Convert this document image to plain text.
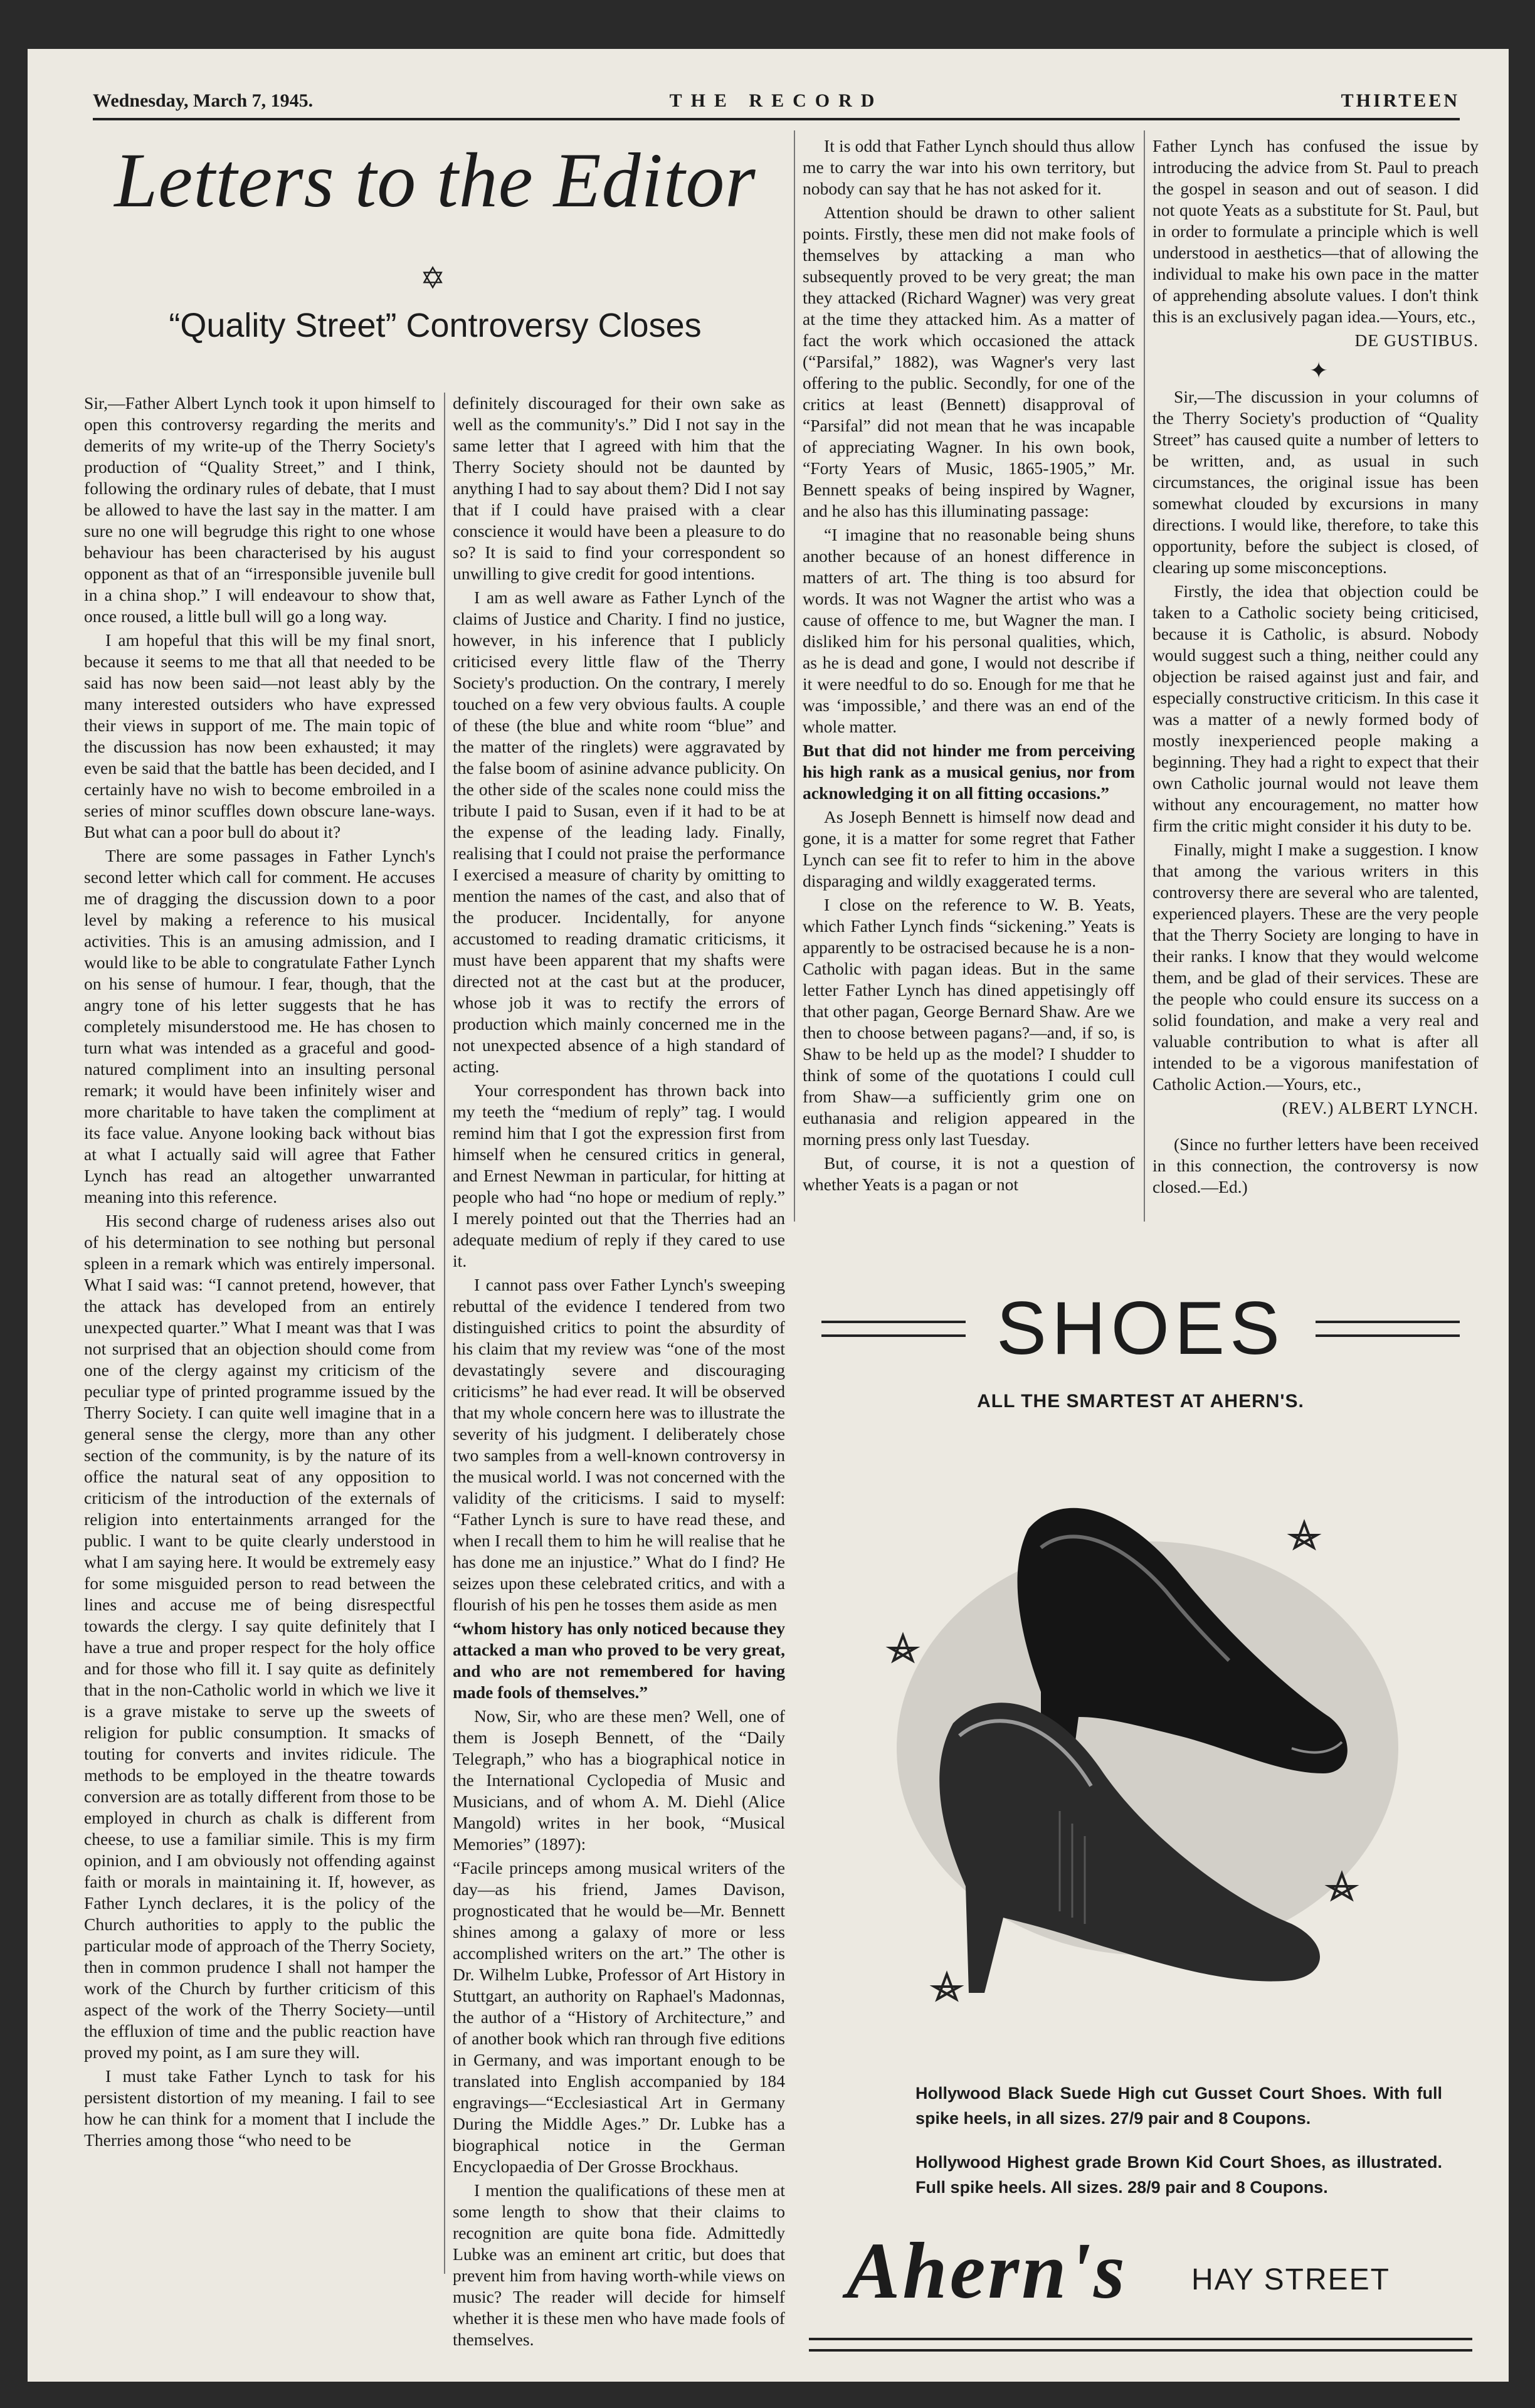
Wednesday, March 7, 1945.	THE RECORD	THIRTEEN
Letters to the Editor
✡
“Quality Street” Controversy Closes

Sir,—Father Albert Lynch took it upon himself to open this controversy regarding the merits and demerits of my write-up of the Therry Society's production of “Quality Street,” and I think, following the ordinary rules of debate, that I must be allowed to have the last say in the matter. I am sure no one will begrudge this right to one whose behaviour has been characterised by his august opponent as that of an “irresponsible juvenile bull in a china shop.” I will endeavour to show that, once roused, a little bull will go a long way.

I am hopeful that this will be my final snort, because it seems to me that all that needed to be said has now been said—not least ably by the many interested outsiders who have expressed their views in support of me. The main topic of the discussion has now been exhausted; it may even be said that the battle has been decided, and I certainly have no wish to become embroiled in a series of minor scuffles down obscure lane-ways. But what can a poor bull do about it?

There are some passages in Father Lynch's second letter which call for comment. He accuses me of dragging the discussion down to a poor level by making a reference to his musical activities. This is an amusing admission, and I would like to be able to congratulate Father Lynch on his sense of humour. I fear, though, that the angry tone of his letter suggests that he has completely misunderstood me. He has chosen to turn what was intended as a graceful and good-natured compliment into an insulting personal remark; it would have been infinitely wiser and more charitable to have taken the compliment at its face value. Anyone looking back without bias at what I actually said will agree that Father Lynch has read an altogether unwarranted meaning into this reference.

His second charge of rudeness arises also out of his determination to see nothing but personal spleen in a remark which was entirely impersonal. What I said was: “I cannot pretend, however, that the attack has developed from an entirely unexpected quarter.” What I meant was that I was not surprised that an objection should come from one of the clergy against my criticism of the peculiar type of printed programme issued by the Therry Society. I can quite well imagine that in a general sense the clergy, more than any other section of the community, is by the nature of its office the natural seat of any opposition to criticism of the introduction of the externals of religion into entertainments arranged for the public. I want to be quite clearly understood in what I am saying here. It would be extremely easy for some misguided person to read between the lines and accuse me of being disrespectful towards the clergy. I say quite definitely that I have a true and proper respect for the holy office and for those who fill it. I say quite as definitely that in the non-Catholic world in which we live it is a grave mistake to serve up the sweets of religion for public consumption. It smacks of touting for converts and invites ridicule. The methods to be employed in the theatre towards conversion are as totally different from those to be employed in church as chalk is different from cheese, to use a familiar simile. This is my firm opinion, and I am obviously not offending against faith or morals in maintaining it. If, however, as Father Lynch declares, it is the policy of the Church authorities to apply to the public the particular mode of approach of the Therry Society, then in common prudence I shall not hamper the work of the Church by further criticism of this aspect of the work of the Therry Society—until the effluxion of time and the public reaction have proved my point, as I am sure they will.

I must take Father Lynch to task for his persistent distortion of my meaning. I fail to see how he can think for a moment that I include the Therries among those “who need to be

definitely discouraged for their own sake as well as the community's.” Did I not say in the same letter that I agreed with him that the Therry Society should not be daunted by anything I had to say about them? Did I not say that if I could have praised with a clear conscience it would have been a pleasure to do so? It is said to find your correspondent so unwilling to give credit for good intentions.

I am as well aware as Father Lynch of the claims of Justice and Charity. I find no justice, however, in his inference that I publicly criticised every little flaw of the Therry Society's production. On the contrary, I merely touched on a few very obvious faults. A couple of these (the blue and white room “blue” and the matter of the ringlets) were aggravated by the false boom of asinine advance publicity. On the other side of the scales none could miss the tribute I paid to Susan, even if it had to be at the expense of the leading lady. Finally, realising that I could not praise the performance I exercised a measure of charity by omitting to mention the names of the cast, and also that of the producer. Incidentally, for anyone accustomed to reading dramatic criticisms, it must have been apparent that my shafts were directed not at the cast but at the producer, whose job it was to rectify the errors of production which mainly concerned me in the not unexpected absence of a high standard of acting.

Your correspondent has thrown back into my teeth the “medium of reply” tag. I would remind him that I got the expression first from himself when he censured critics in general, and Ernest Newman in particular, for hitting at people who had “no hope or medium of reply.” I merely pointed out that the Therries had an adequate medium of reply if they cared to use it.

I cannot pass over Father Lynch's sweeping rebuttal of the evidence I tendered from two distinguished critics to point the absurdity of his claim that my review was “one of the most devastatingly severe and discouraging criticisms” he had ever read. It will be observed that my whole concern here was to illustrate the severity of his judgment. I deliberately chose two samples from a well-known controversy in the musical world. I was not concerned with the validity of the criticisms. I said to myself: “Father Lynch is sure to have read these, and when I recall them to him he will realise that he has done me an injustice.” What do I find? He seizes upon these celebrated critics, and with a flourish of his pen he tosses them aside as men

“whom history has only noticed because they attacked a man who proved to be very great, and who are not remembered for having made fools of themselves.”

Now, Sir, who are these men? Well, one of them is Joseph Bennett, of the “Daily Telegraph,” who has a biographical notice in the International Cyclopedia of Music and Musicians, and of whom A. M. Diehl (Alice Mangold) writes in her book, “Musical Memories” (1897):

“Facile princeps among musical writers of the day—as his friend, James Davison, prognosticated that he would be—Mr. Bennett shines among a galaxy of more or less accomplished writers on the art.” The other is Dr. Wilhelm Lubke, Professor of Art History in Stuttgart, an authority on Raphael's Madonnas, the author of a “History of Architecture,” and of another book which ran through five editions in Germany, and was important enough to be translated into English accompanied by 184 engravings—“Ecclesiastical Art in Germany During the Middle Ages.” Dr. Lubke has a biographical notice in the German Encyclopaedia of Der Grosse Brockhaus.

I mention the qualifications of these men at some length to show that their claims to recognition are quite bona fide. Admittedly Lubke was an eminent art critic, but does that prevent him from having worth-while views on music? The reader will decide for himself whether it is these men who have made fools of themselves.

It is odd that Father Lynch should thus allow me to carry the war into his own territory, but nobody can say that he has not asked for it.

Attention should be drawn to other salient points. Firstly, these men did not make fools of themselves by attacking a man who subsequently proved to be very great; the man they attacked (Richard Wagner) was very great at the time they attacked him. As a matter of fact the work which occasioned the attack (“Parsifal,” 1882), was Wagner's very last offering to the public. Secondly, for one of the critics at least (Bennett) disapproval of “Parsifal” did not mean that he was incapable of appreciating Wagner. In his own book, “Forty Years of Music, 1865-1905,” Mr. Bennett speaks of being inspired by Wagner, and he also has this illuminating passage:

“I imagine that no reasonable being shuns another because of an honest difference in matters of art. The thing is too absurd for words. It was not Wagner the artist who was a cause of offence to me, but Wagner the man. I disliked him for his personal qualities, which, as he is dead and gone, I would not describe if it were needful to do so. Enough for me that he was ‘impossible,’ and there was an end of the whole matter.

But that did not hinder me from perceiving his high rank as a musical genius, nor from acknowledging it on all fitting occasions.”

As Joseph Bennett is himself now dead and gone, it is a matter for some regret that Father Lynch can see fit to refer to him in the above disparaging and wildly exaggerated terms.

I close on the reference to W. B. Yeats, which Father Lynch finds “sickening.” Yeats is apparently to be ostracised because he is a non-Catholic with pagan ideas. But in the same letter Father Lynch has dined appetisingly off that other pagan, George Bernard Shaw. Are we then to choose between pagans?—and, if so, is Shaw to be held up as the model? I shudder to think of some of the quotations I could cull from Shaw—a sufficiently grim one on euthanasia and religion appeared in the morning press only last Tuesday.

But, of course, it is not a question of whether Yeats is a pagan or not

Father Lynch has confused the issue by introducing the advice from St. Paul to preach the gospel in season and out of season. I did not quote Yeats as a substitute for St. Paul, but in order to formulate a principle which is well understood in aesthetics—that of allowing the individual to make his own pace in the matter of apprehending absolute values. I don't think this is an exclusively pagan idea.—Yours, etc.,

DE GUSTIBUS.

✦

Sir,—The discussion in your columns of the Therry Society's production of “Quality Street” has caused quite a number of letters to be written, and, as usual in such circumstances, the original issue has been somewhat clouded by excursions in many directions. I would like, therefore, to take this opportunity, before the subject is closed, of clearing up some misconceptions.

Firstly, the idea that objection could be taken to a Catholic society being criticised, because it is Catholic, is absurd. Nobody would suggest such a thing, neither could any objection be raised against just and fair, and especially constructive criticism. In this case it was a matter of a newly formed body of mostly inexperienced people making a beginning. They had a right to expect that their own Catholic journal would not leave them without any encouragement, no matter how firm the critic might consider it his duty to be.

Finally, might I make a suggestion. I know that among the various writers in this controversy there are several who are talented, experienced players. These are the very people that the Therry Society are longing to have in their ranks. I know that they would welcome them, and be glad of their services. These are the people who could ensure its success on a solid foundation, and make a very real and valuable contribution to what is after all intended to be a vigorous manifestation of Catholic Action.—Yours, etc.,

(REV.) ALBERT LYNCH.

(Since no further letters have been received in this connection, the controversy is now closed.—Ed.)

SHOES
ALL THE SMARTEST AT AHERN'S.
Hollywood Black Suede High cut Gusset Court Shoes. With full spike heels, in all sizes. 27/9 pair and 8 Coupons.
Hollywood Highest grade Brown Kid Court Shoes, as illustrated. Full spike heels. All sizes. 28/9 pair and 8 Coupons.
Ahern's HAY STREET
